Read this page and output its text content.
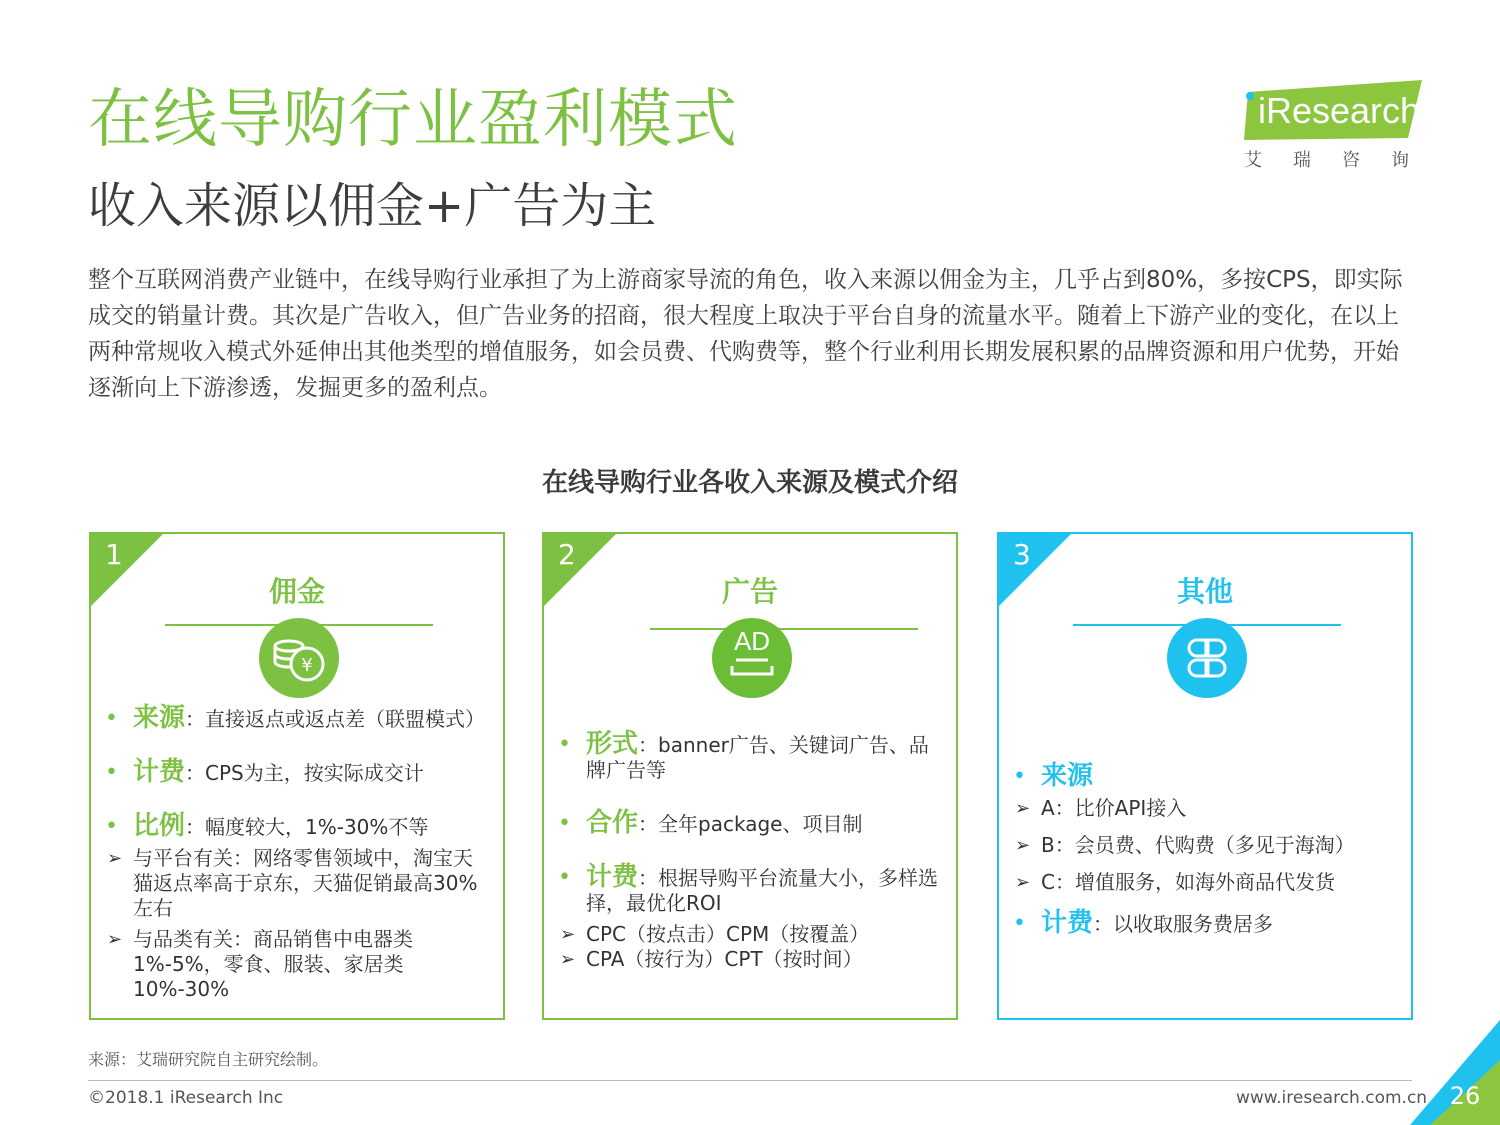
在线导购行业盈利模式
收入来源以佣金+广告为主
iResearch
艾瑞咨询
整个互联网消费产业链中，在线导购行业承担了为上游商家导流的角色，收入来源以佣金为主，几乎占到80%，多按CPS，即实际成交的销量计费。其次是广告收入，但广告业务的招商，很大程度上取决于平台自身的流量水平。随着上下游产业的变化，在以上两种常规收入模式外延伸出其他类型的增值服务，如会员费、代购费等，整个行业利用长期发展积累的品牌资源和用户优势，开始逐渐向上下游渗透，发掘更多的盈利点。
在线导购行业各收入来源及模式介绍
1
佣金
¥
• 来源：直接返点或返点差（联盟模式）
• 计费：CPS为主，按实际成交计
• 比例：幅度较大，1%-30%不等
➢ 与平台有关：网络零售领域中，淘宝天猫返点率高于京东，天猫促销最高30%左右
➢ 与品类有关：商品销售中电器类1%-5%，零食、服装、家居类10%-30%
2
广告
AD
• 形式：banner广告、关键词广告、品牌广告等
• 合作：全年package、项目制
• 计费：根据导购平台流量大小，多样选择，最优化ROI
➢ CPC（按点击）CPM（按覆盖）
➢ CPA（按行为）CPT（按时间）
3
其他
• 来源
➢ A：比价API接入
➢ B：会员费、代购费（多见于海淘）
➢ C：增值服务，如海外商品代发货
• 计费：以收取服务费居多
来源：艾瑞研究院自主研究绘制。
©2018.1 iResearch Inc	www.iresearch.com.cn 26
